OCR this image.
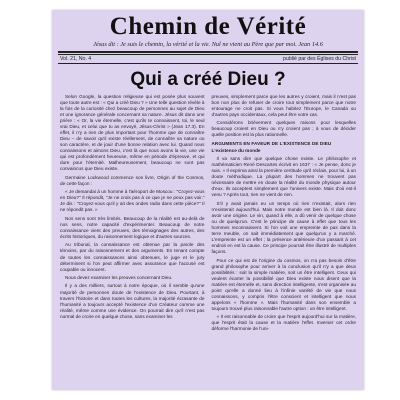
Chemin de Vérité
Jésus dit : Je suis le chemin, la vérité et la vie. Nul ne vient au Père que par moi. Jean 14.6
Vol. 21, No. 4	publié par des Églises du Christ
Qui a créé Dieu ?

Selon Google, la question religieuse qui est posée plus souvent que toute autre est : « Qui a créé Dieu ? » Une telle question révèle à la fois de la curiosité chez beaucoup de personnes au sujet de Dieu et une ignorance générale concernant sa nature. Jésus dit dans une prière : « Or, la vie éternelle, c'est qu'ils te connaissent, toi, le seul vrai Dieu, et celui que tu as envoyé, Jésus-Christ » (Jean 17.3). En effet, il n'y a rien de plus important pour l'homme que de connaître Dieu – de savoir qu'il existe réellement, de connaître sa nature ou son caractère, et de jouir d'une bonne relation avec lui. Quand nous connaissons et aimons Dieu, c'est là que nous avons la vie, une vie qui est profondément heureuse, même en période d'épreuve, et qui dure pour l'éternité. Malheureusement, beaucoup ne sont pas convaincus que Dieu existe.

Germaine Lockwood commence son livre, Origin of the Cosmos, de cette façon :

« Je demandai à un homme à l'aéroport de Moscou : "Croyez-vous en Dieu?" Il répondit, "Je ne crois pas à ce que je ne peux pas voir." Je dis : "Croyez-vous qu'il y ait des ondes radio dans cette pièce?" Il ne répondit pas. »

Nos sens sont très limités. Beaucoup de la réalité est au-delà de nos sens, notre capacité d'expérimenter. Beaucoup de notre connaissance vient des preuves, des témoignages des autres, des écrits historiques, du raisonnement logique et d'autres sources.

Au tribunal, la connaissance est obtenue par la parole des témoins, par du raisonnement et des arguments. En tenant compte de toutes les connaissances ainsi obtenues, le juge et le jury déterminent si l'on peut affirmer avec assurance que l'accusé est coupable ou innocent.

Nous devez examiner les preuves concernant Dieu.

Il y a des milliers, surtout à notre époque, où il semble qu'une majorité de personnes doute de l'existence de Dieu. Pourtant, à travers l'histoire et dans toutes les cultures, la majorité écrasante de l'humanité a toujours accepté l'existence d'un Créateur comme une réalité, même comme une évidence. On pourrait dire qu'il n'est pas normal de croire en quelque chose, sans examiner les

preuves, simplement parce que les autres y croient, mais il n'est pas bon non plus de refuser de croire tout simplement parce que notre entourage ne croit pas. Si vous habitez l'Europe, le Canada ou d'autres pays occidentaux, cela peut être votre cas.

Considérons brièvement quelques raisons pour lesquelles beaucoup croient en Dieu ou n'y croient pas ; à vous de décider quelle position est la plus rationnelle.

ARGUMENTS EN FAVEUR DE L'EXISTENCE DE DIEU
L'existence du monde

Il va sans dire que quelque chose existe. Le philosophe et mathématicien René Descartes écrivit en 1637 : « Je pense, donc je suis. » Il exprima ainsi la première certitude qu'il réclais, pour lui, à un doute méthodique. La plupart des hommes ne trouvent pas nécessaire de mettre en doute la réalité du monde physique autour d'eux. Ils acceptent simplement que l'univers existe. Mais d'où est-il venu ? Après tout, rien ne vient de rien.

S'il y avait jamais eu un temps où rien n'existait, alors rien n'existerait aujourd'hui. Mais notre monde est bien là. Il doit donc avoir une origine. Le vin, quand à elle, a dû venir de quelque chose ou de quelqu'un. C'est le principe de cause à effet que tous les hommes reconnaissent. Si l'on voit une empreinte de pas dans la terre meuble, on sait immédiatement que quelqu'un y a marché. L'empreinte est un effet ; la présence antérieure d'un passant à cet endroit en est la cause. Ce principe pourrait être illustré de multiples façons.

Pour ce qui est de l'origine du cosmos, on n'a pas besoin d'être grand philosophe pour arriver à la conclusion qu'il n'y a que deux possibilités : soit la simple matière, soit un être intelligent. Ceux qui veulent écarter la possibilité que Dieu existe nous disent que la matière est éternelle et, sans direction intelligente, s'est organisée au point qu'elle a donné lieu à l'infinie variété de vie que nous connaissons, y compris l'être conscient et intelligent que nous appelons « l'homme ». Mais l'humanité dans son ensemble a toujours trouvé plus raisonnable l'autre option : un être intelligent.

« Il est raisonnable de croire que l'esprit aujourd'hui sur la matière, que l'esprit était la cause et la matière l'effet. Inverser cet ordre déforme l'harmonie de l'uni-
